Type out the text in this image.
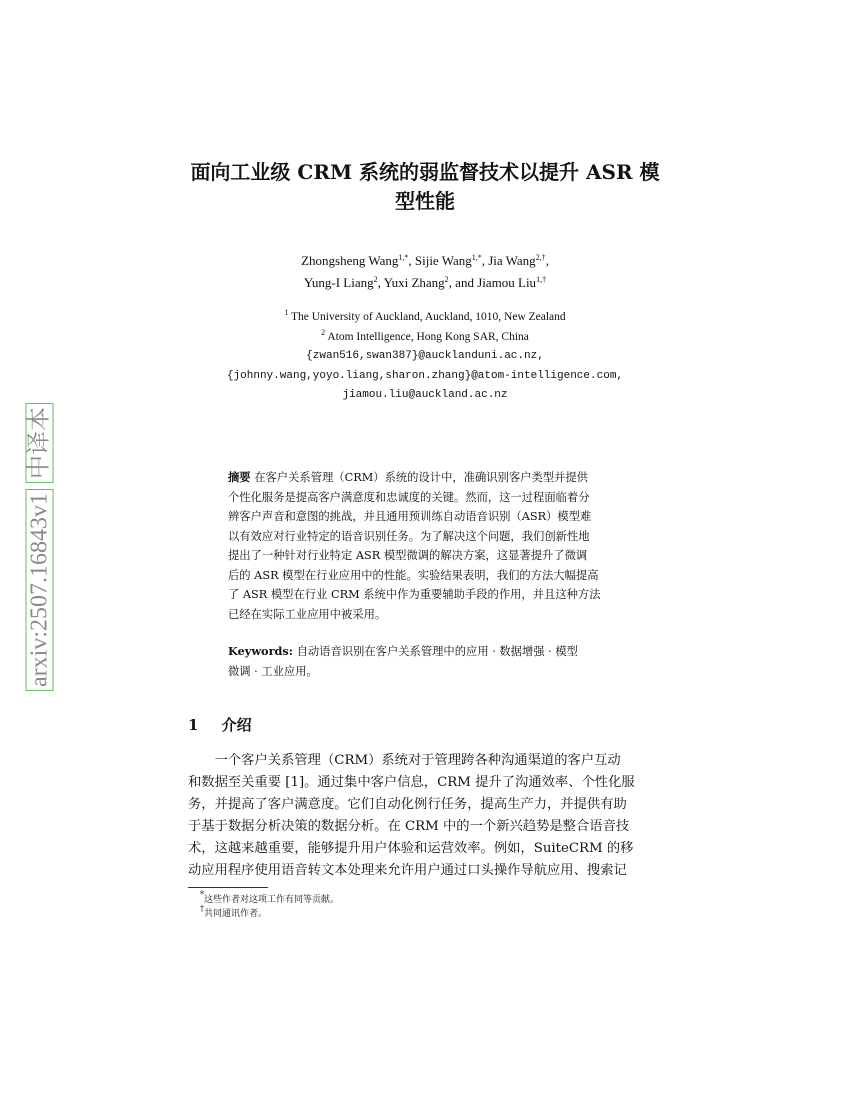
面向工业级 CRM 系统的弱监督技术以提升 ASR 模
型性能
Zhongsheng Wang$^{1,*}$, Sijie Wang$^{1,*}$, Jia Wang$^{2,\dagger}$,
Yung-I Liang$^2$, Yuxi Zhang$^2$, and Jiamou Liu$^{1,\dagger}$
$^1$ The University of Auckland, Auckland, 1010, New Zealand
$^2$ Atom Intelligence, Hong Kong SAR, China
{zwan516,swan387}@aucklanduni.ac.nz,
{johnny.wang,yoyo.liang,sharon.zhang}@atom-intelligence.com,
jiamou.liu@auckland.ac.nz
摘要 在客户关系管理（CRM）系统的设计中，准确识别客户类型并提供
个性化服务是提高客户满意度和忠诚度的关键。然而，这一过程面临着分
辨客户声音和意图的挑战，并且通用预训练自动语音识别（ASR）模型难
以有效应对行业特定的语音识别任务。为了解决这个问题，我们创新性地
提出了一种针对行业特定 ASR 模型微调的解决方案，这显著提升了微调
后的 ASR 模型在行业应用中的性能。实验结果表明，我们的方法大幅提高
了 ASR 模型在行业 CRM 系统中作为重要辅助手段的作用，并且这种方法
已经在实际工业应用中被采用。
Keywords: 自动语音识别在客户关系管理中的应用 · 数据增强 · 模型
微调 · 工业应用。
1 介绍
　　一个客户关系管理（CRM）系统对于管理跨各种沟通渠道的客户互动
和数据至关重要 [1]。通过集中客户信息，CRM 提升了沟通效率、个性化服
务，并提高了客户满意度。它们自动化例行任务，提高生产力，并提供有助
于基于数据分析决策的数据分析。在 CRM 中的一个新兴趋势是整合语音技
术，这越来越重要，能够提升用户体验和运营效率。例如，SuiteCRM 的移
动应用程序使用语音转文本处理来允许用户通过口头操作导航应用、搜索记
*这些作者对这项工作有同等贡献。
†共同通讯作者。
arxiv:2507.16843v1 中译本
